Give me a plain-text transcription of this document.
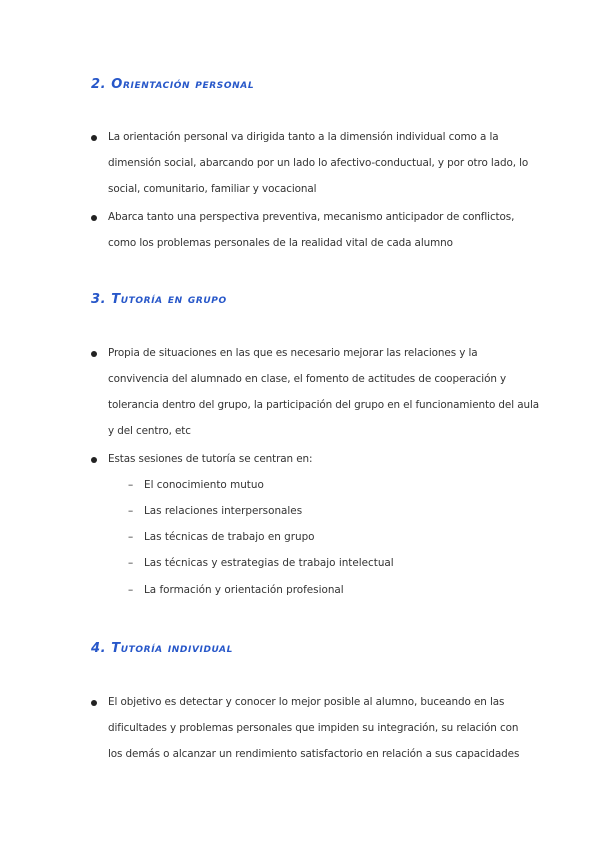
2. Orientación personal
La orientación personal va dirigida tanto a la dimensión individual como a la
dimensión social, abarcando por un lado lo afectivo-conductual, y por otro lado, lo
social, comunitario, familiar y vocacional
Abarca tanto una perspectiva preventiva, mecanismo anticipador de conflictos,
como los problemas personales de la realidad vital de cada alumno
3. Tutoría en grupo
Propia de situaciones en las que es necesario mejorar las relaciones y la
convivencia del alumnado en clase, el fomento de actitudes de cooperación y
tolerancia dentro del grupo, la participación del grupo en el funcionamiento del aula
y del centro, etc
Estas sesiones de tutoría se centran en:
– El conocimiento mutuo
– Las relaciones interpersonales
– Las técnicas de trabajo en grupo
– Las técnicas y estrategias de trabajo intelectual
– La formación y orientación profesional
4. Tutoría individual
El objetivo es detectar y conocer lo mejor posible al alumno, buceando en las
dificultades y problemas personales que impiden su integración, su relación con
los demás o alcanzar un rendimiento satisfactorio en relación a sus capacidades
